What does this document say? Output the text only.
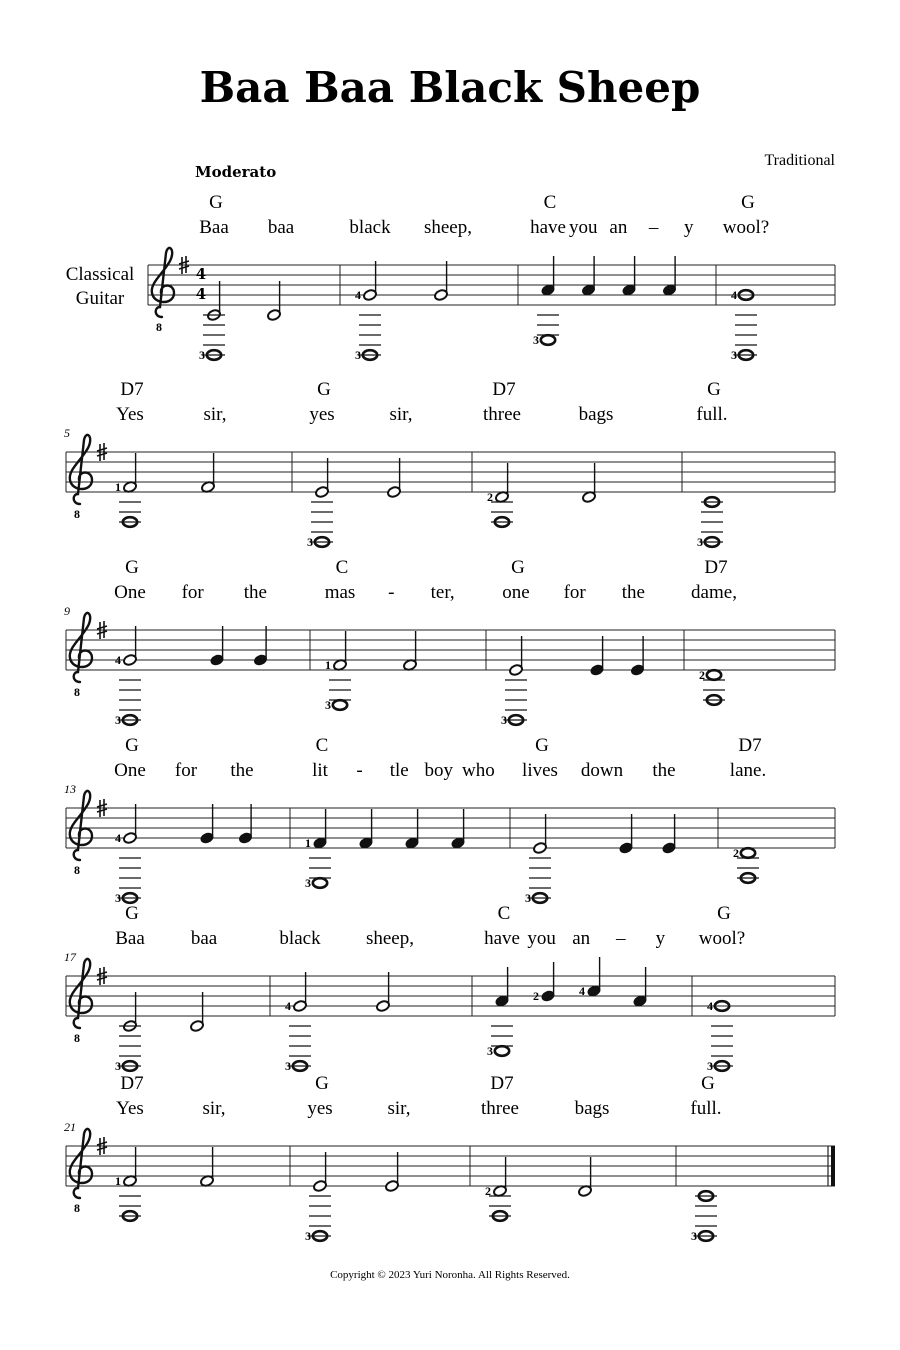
Baa Baa Black Sheep
Traditional
Moderato
Classical
Guitar
8
4
4
G
3
Baa baa
4
3
black sheep,
C
3
have you an – y
G
4
3
wool?
8
5
D7
1
Yes	sir,
G
3
yes	sir,
D7
2
three	bags
G
3
full.
8
9
G
4
3
One for the
C
1
3
mas - ter,
G
3
one for the
D7
2
dame,
8
13
G
4
3
One for the
C
1
3
lit - tle boy who
G
3
lives down the
D7
2
lane.
8
17
G
3
Baa baa
4
3
black sheep,
C
2	4
3
have you an – y
G
4
3
wool?
8
21
D7
1
Yes	sir,
G
3
yes	sir,
D7
2
three	bags
G
3
full.
Copyright © 2023 Yuri Noronha. All Rights Reserved.
